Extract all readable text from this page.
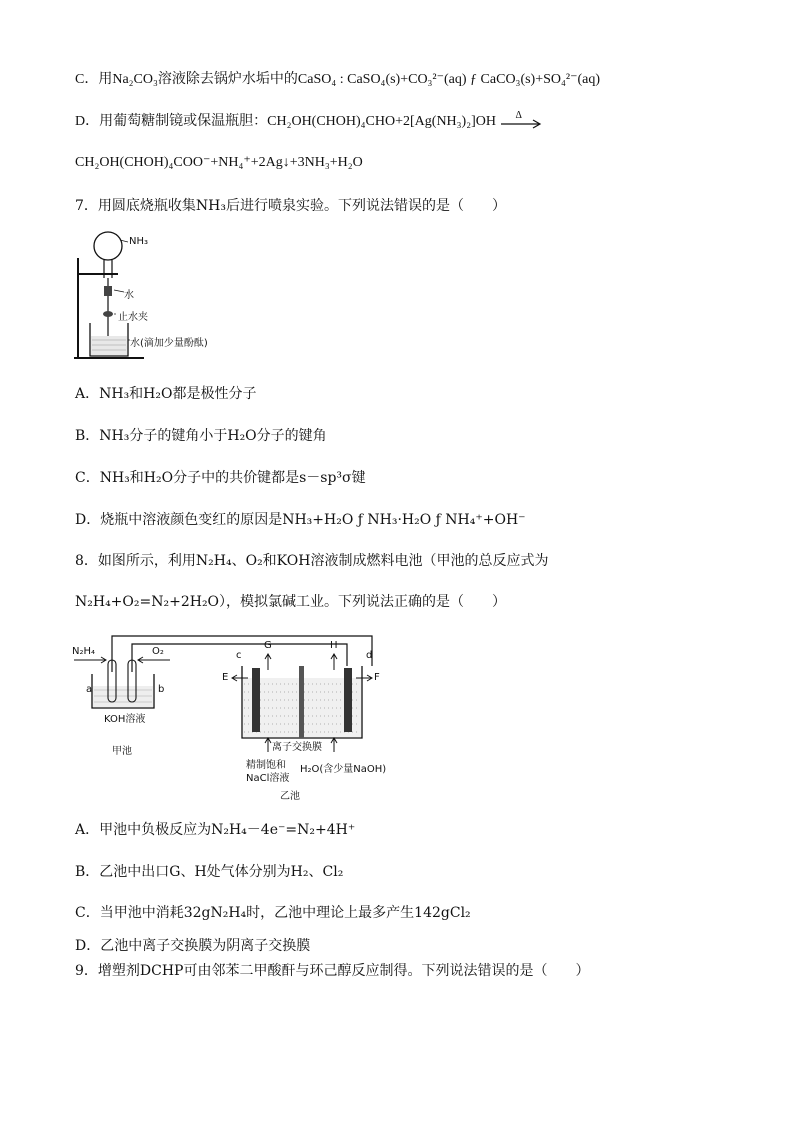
C．用Na₂CO₃溶液除去锅炉水垢中的CaSO₄ : CaSO₄(s)+CO₃²⁻(aq) ƒ CaCO₃(s)+SO₄²⁻(aq)
D．用葡萄糖制镜或保温瓶胆：CH₂OH(CHOH)₄CHO+2[Ag(NH₃)₂]OH Δ
CH₂OH(CHOH)₄COO⁻+NH₄⁺+2Ag↓+3NH₃+H₂O
7．用圆底烧瓶收集NH₃后进行喷泉实验。下列说法错误的是（　　）
NH₃
水
止水夹
水(滴加少量酚酞)
A．NH₃和H₂O都是极性分子
B．NH₃分子的键角小于H₂O分子的键角
C．NH₃和H₂O分子中的共价键都是s－sp³σ键
D．烧瓶中溶液颜色变红的原因是NH₃+H₂O ƒ NH₃·H₂O ƒ NH₄⁺+OH⁻
8．如图所示，利用N₂H₄、O₂和KOH溶液制成燃料电池（甲池的总反应式为
N₂H₄+O₂=N₂+2H₂O），模拟氯碱工业。下列说法正确的是（　　）
N₂H₄	O₂
a	b
KOH溶液
甲池
c
G	H
d
E	F
离子交换膜
精制饱和
NaCl溶液
H₂O(含少量NaOH)
乙池
A．甲池中负极反应为N₂H₄－4e⁻=N₂+4H⁺
B．乙池中出口G、H处气体分别为H₂、Cl₂
C．当甲池中消耗32gN₂H₄时，乙池中理论上最多产生142gCl₂
D．乙池中离子交换膜为阴离子交换膜
9．增塑剂DCHP可由邻苯二甲酸酐与环己醇反应制得。下列说法错误的是（　　）
